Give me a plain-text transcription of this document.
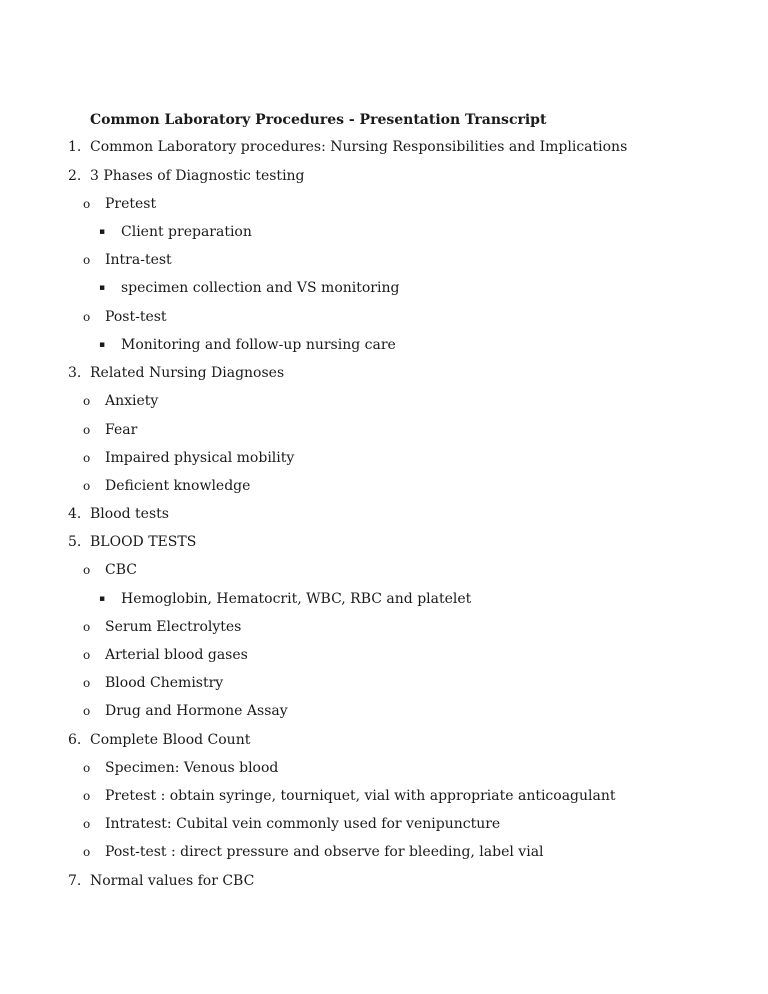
Common Laboratory Procedures - Presentation Transcript
1. Common Laboratory procedures: Nursing Responsibilities and Implications
2. 3 Phases of Diagnostic testing
o Pretest
▪ Client preparation
o Intra-test
▪ specimen collection and VS monitoring
o Post-test
▪ Monitoring and follow-up nursing care
3. Related Nursing Diagnoses
o Anxiety
o Fear
o Impaired physical mobility
o Deficient knowledge
4. Blood tests
5. BLOOD TESTS
o CBC
▪ Hemoglobin, Hematocrit, WBC, RBC and platelet
o Serum Electrolytes
o Arterial blood gases
o Blood Chemistry
o Drug and Hormone Assay
6. Complete Blood Count
o Specimen: Venous blood
o Pretest : obtain syringe, tourniquet, vial with appropriate anticoagulant
o Intratest: Cubital vein commonly used for venipuncture
o Post-test : direct pressure and observe for bleeding, label vial
7. Normal values for CBC
